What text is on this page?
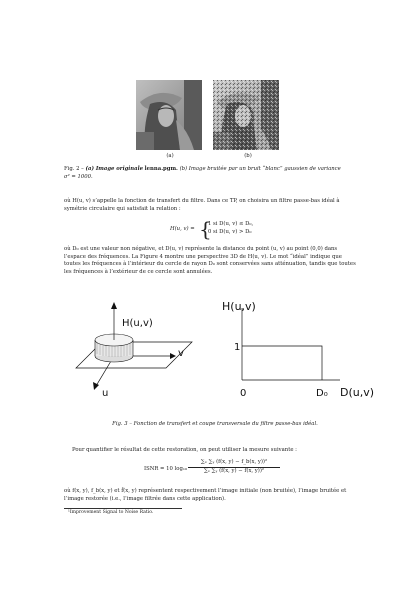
(a)	(b)
Fig. 2 – (a) Image originale lenna.pgm. (b) Image bruitée par un bruit “blanc” gaussien de variance
σ² = 1000.
où H(u, v) s’appelle la fonction de transfert du filtre. Dans ce TP, on choisira un filtre passe-bas idéal à
symétrie circulaire qui satisfait la relation :
H(u, v) = {
1 si D(u, v) ≤ D₀,
0 si D(u, v) > D₀
où D₀ est une valeur non négative, et D(u, v) représente la distance du point (u, v) au point (0,0) dans
l’espace des fréquences. La Figure 4 montre une perspective 3D de H(u, v). Le mot “idéal” indique que
toutes les fréquences à l’intérieur du cercle de rayon D₀ sont conservées sans atténuation, tandis que toutes
les fréquences à l’extérieur de ce cercle sont annulées.
H(u,v)
v
u
H(u,v)
1
0	D₀ D(u,v)
Fig. 3 – Fonction de transfert et coupe transversale du filtre passe-bas idéal.
Pour quantifier le résultat de cette restoration, on peut utiliser la mesure suivante :
ISNR = 10 $\log_{10} \frac{\text{∑ₓ ∑ᵧ (f(x, y) − f\_b(x, y))²}}{\text{∑ₓ ∑ᵧ (f(x, y) − f̂(x, y))²}}$
où f(x, y), f_b(x, y) et f̂(x, y) représentent respectivement l’image initiale (non bruitée), l’image bruitée et
l’image restorée (i.e., l’image filtrée dans cette application).
¹Improvement Signal to Noise Ratio.
